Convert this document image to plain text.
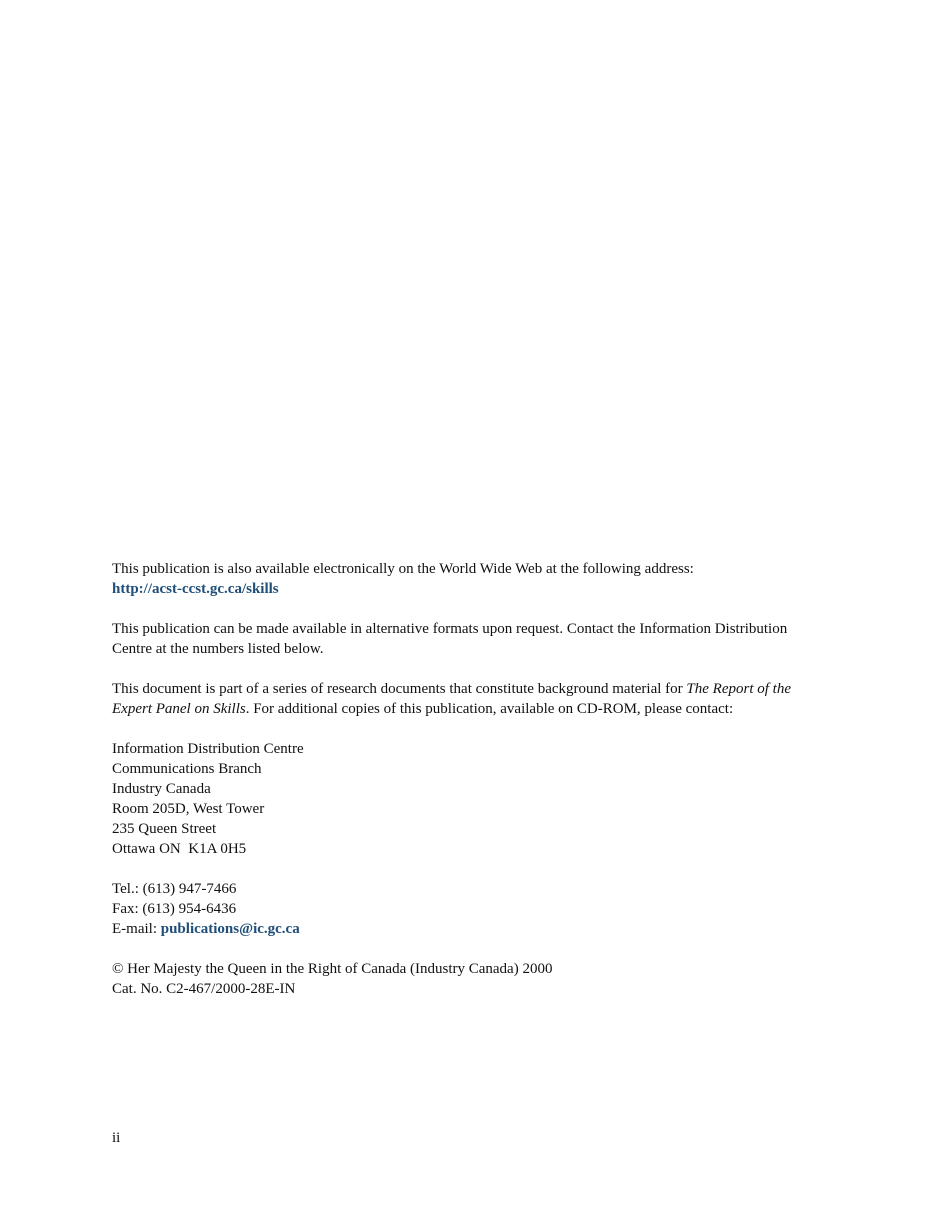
This publication is also available electronically on the World Wide Web at the following address:
http://acst-ccst.gc.ca/skills
This publication can be made available in alternative formats upon request. Contact the Information Distribution
Centre at the numbers listed below.
This document is part of a series of research documents that constitute background material for The Report of the
Expert Panel on Skills. For additional copies of this publication, available on CD-ROM, please contact:
Information Distribution Centre
Communications Branch
Industry Canada
Room 205D, West Tower
235 Queen Street
Ottawa ON  K1A 0H5
Tel.: (613) 947-7466
Fax: (613) 954-6436
E-mail: publications@ic.gc.ca
© Her Majesty the Queen in the Right of Canada (Industry Canada) 2000
Cat. No. C2-467/2000-28E-IN
ii
